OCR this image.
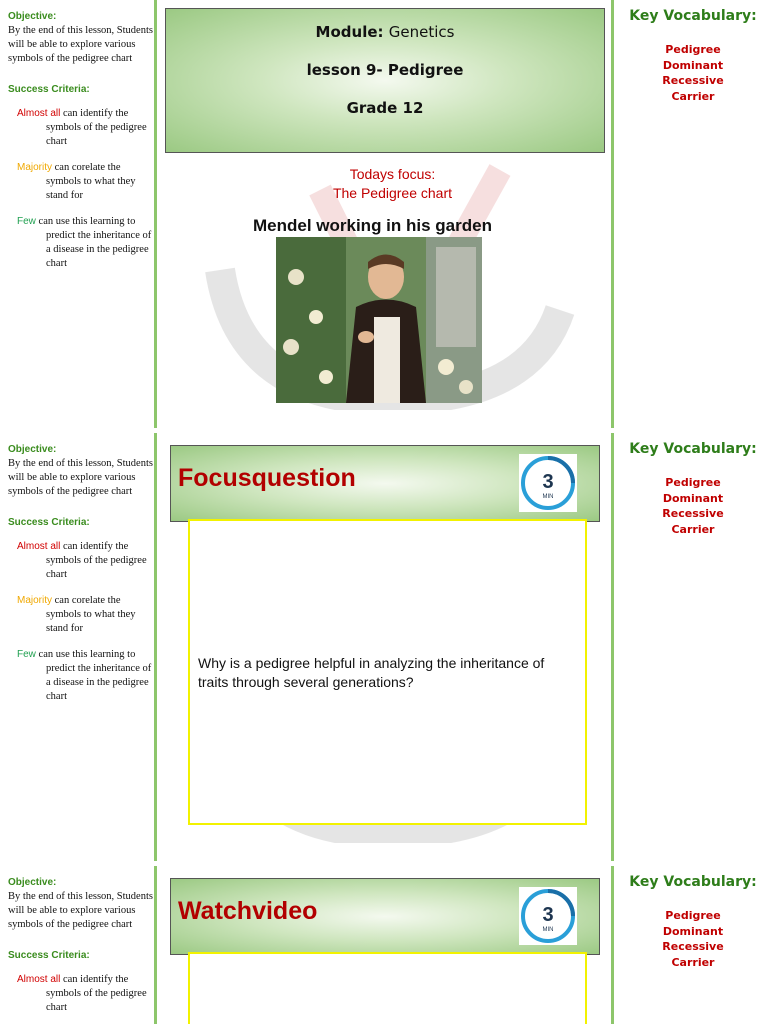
Objective:
By the end of this lesson, Students will be able to explore various symbols of the pedigree chart
Success Criteria:
Almost all can identify the symbols of the pedigree chart
Majority can corelate the symbols to what they stand for
Few can use this learning to predict the inheritance of a disease in the pedigree chart
Module: Genetics
lesson 9- Pedigree
Grade 12
Todays focus:
The Pedigree chart
Mendel working in his garden
Key Vocabulary:
Pedigree
Dominant
Recessive
Carrier
Objective:
By the end of this lesson, Students will be able to explore various symbols of the pedigree chart
Success Criteria:
Almost all can identify the symbols of the pedigree chart
Majority can corelate the symbols to what they stand for
Few can use this learning to predict the inheritance of a disease in the pedigree chart
Focusquestion	3
MIN
Why is a pedigree helpful in analyzing the inheritance of traits through several generations?
Key Vocabulary:
Pedigree
Dominant
Recessive
Carrier
Objective:
By the end of this lesson, Students will be able to explore various symbols of the pedigree chart
Success Criteria:
Almost all can identify the symbols of the pedigree chart
Watchvideo	3
MIN
Key Vocabulary:
Pedigree
Dominant
Recessive
Carrier
